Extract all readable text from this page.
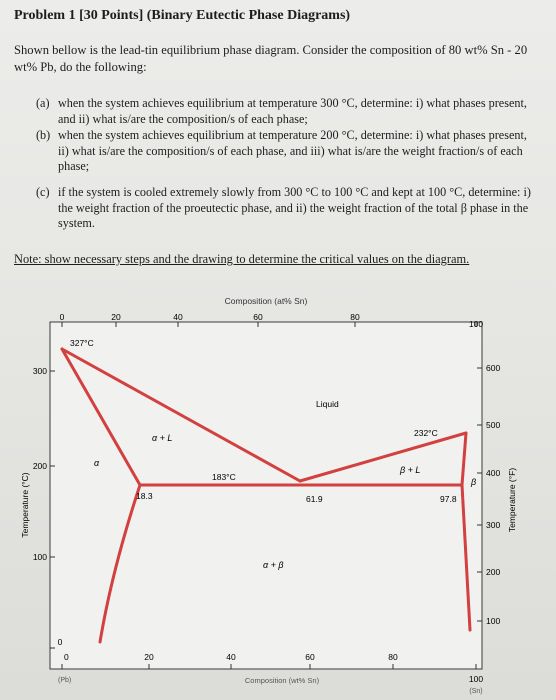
Problem 1 [30 Points] (Binary Eutectic Phase Diagrams)
Shown bellow is the lead-tin equilibrium phase diagram. Consider the composition of 80 wt% Sn - 20 wt% Pb, do the following:
(a) when the system achieves equilibrium at temperature 300 °C, determine: i) what phases present, and ii) what is/are the composition/s of each phase;
(b) when the system achieves equilibrium at temperature 200 °C, determine: i) what phases present, ii) what is/are the composition/s of each phase, and iii) what is/are the weight fraction/s of each phase;
(c) if the system is cooled extremely slowly from 300 °C to 100 °C and kept at 100 °C, determine: i) the weight fraction of the proeutectic phase, and ii) the weight fraction of the total β phase in the system.
Note: show necessary steps and the drawing to determine the critical values on the diagram.
Composition (at% Sn)
0	20	40	60	80
100
300
200
100
0
Temperature (°C)
600
500
400
300
200
100
Temperature (°F)
327°C
232°C
183°C
Liquid
α + L
β + L
α + β
α
β
18.3	61.9	97.8
0	20	40	60	80
100
(Pb)
(Sn)
Composition (wt% Sn)
